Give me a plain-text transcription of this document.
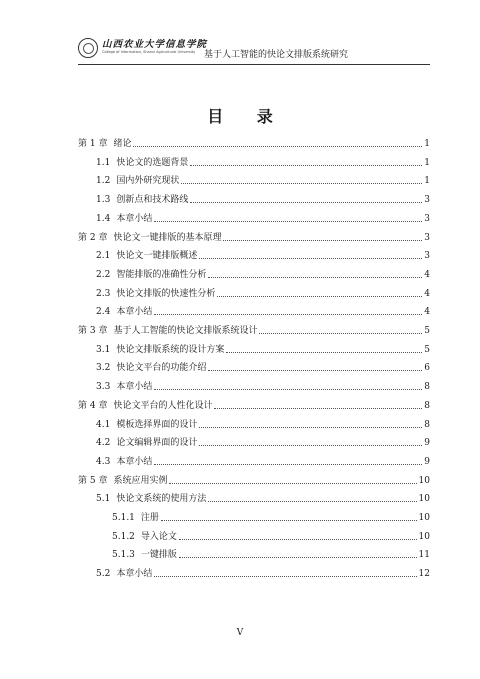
山西农业大学信息学院
College of Information, Shanxi Agricultural University 基于人工智能的快论文排版系统研究
目 录
第 1 章 绪论	1
1.1 快论文的选题背景	1
1.2 国内外研究现状	1
1.3 创新点和技术路线	3
1.4 本章小结	3
第 2 章 快论文一键排版的基本原理	3
2.1 快论文一键排版概述	3
2.2 智能排版的准确性分析	4
2.3 快论文排版的快速性分析	4
2.4 本章小结	4
第 3 章 基于人工智能的快论文排版系统设计	5
3.1 快论文排版系统的设计方案	5
3.2 快论文平台的功能介绍	6
3.3 本章小结	8
第 4 章 快论文平台的人性化设计	8
4.1 模板选择界面的设计	8
4.2 论文编辑界面的设计	9
4.3 本章小结	9
第 5 章 系统应用实例	10
5.1 快论文系统的使用方法	10
5.1.1 注册	10
5.1.2 导入论文	10
5.1.3 一键排版	11
5.2 本章小结	12
V
